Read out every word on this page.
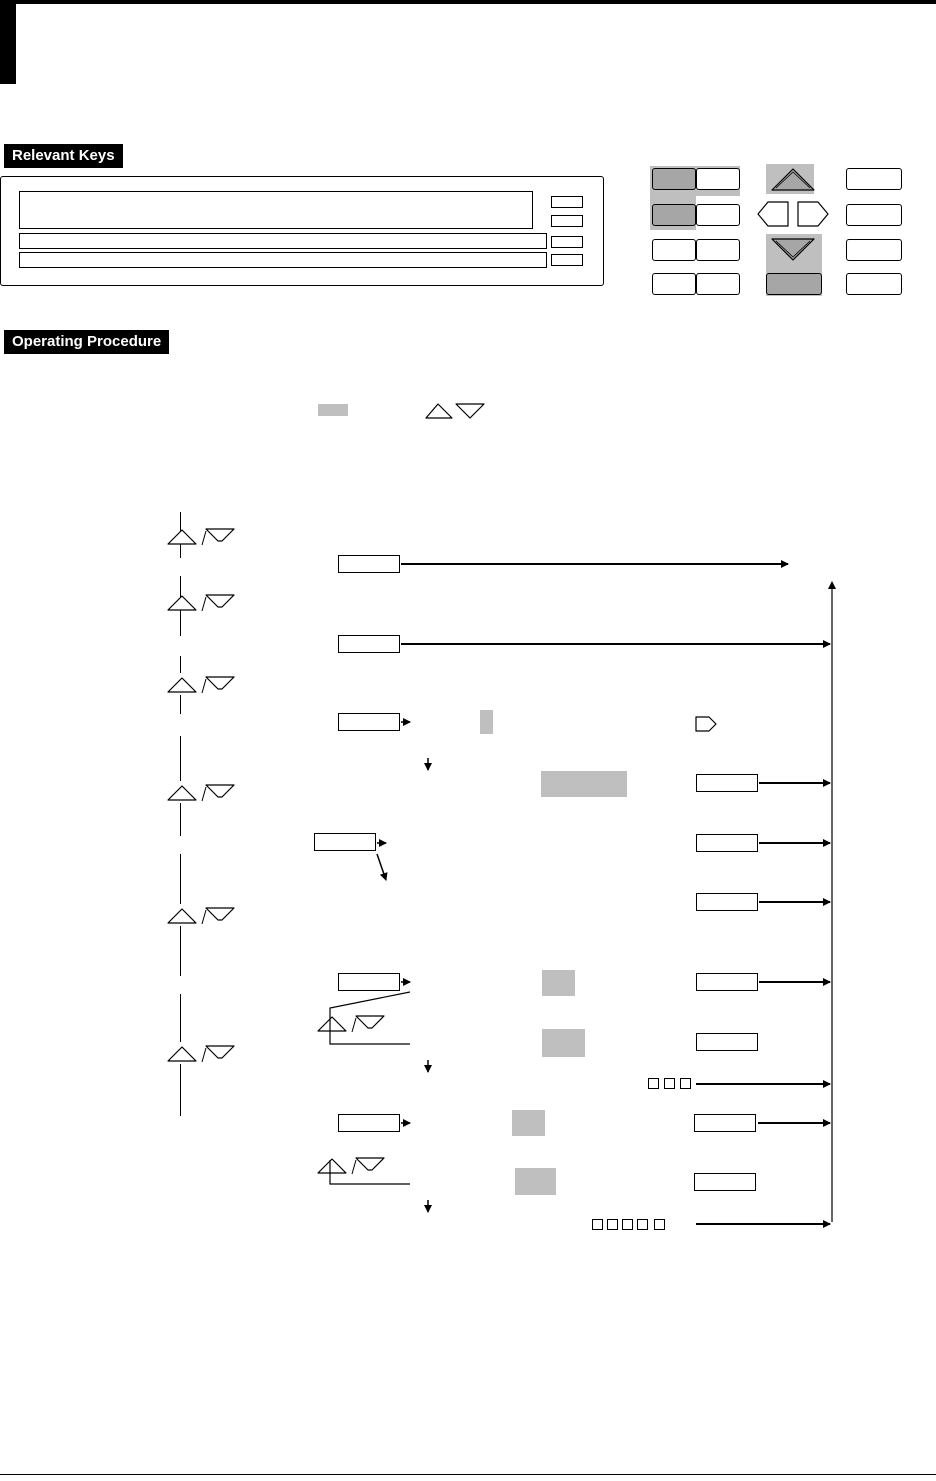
Relevant Keys
Operating Procedure
